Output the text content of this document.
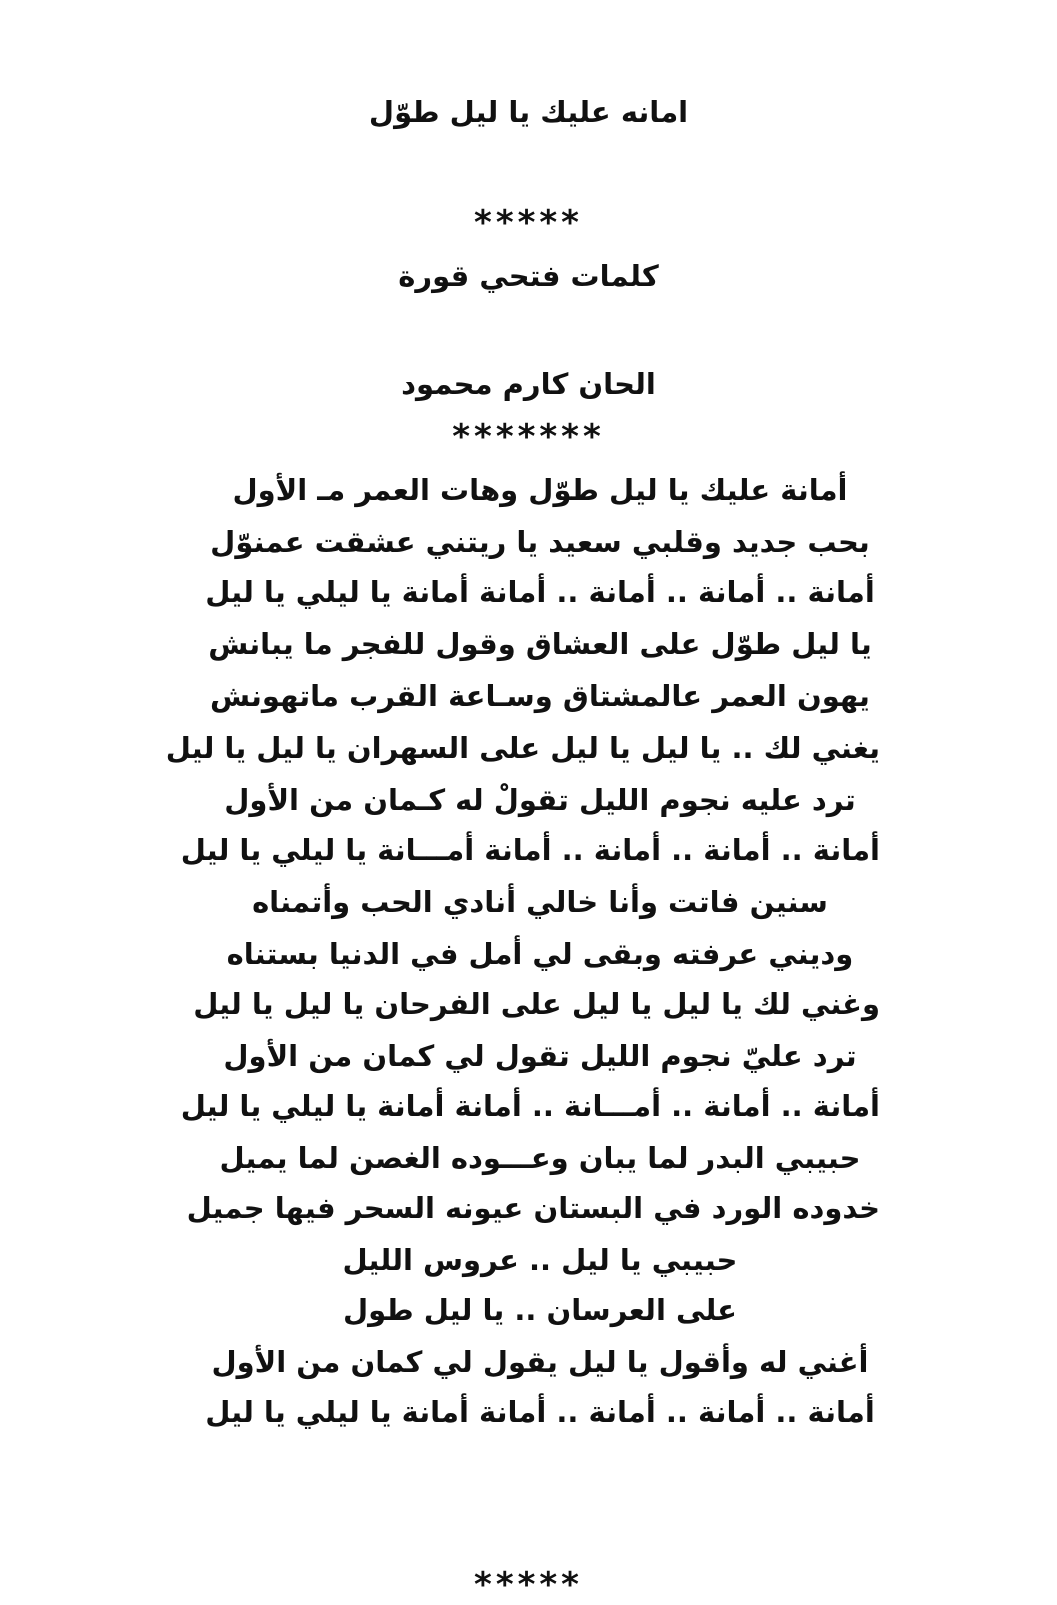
امانه عليك يا ليل طوّل
*****
كلمات فتحي قورة
الحان كارم محمود
*******
أمانة عليك يا ليل طوّل وهات العمر مـ الأول
بحب جديد وقلبي سعيد يا ريتني عشقت عمنوّل
أمانة .. أمانة .. أمانة .. أمانة أمانة يا ليلي يا ليل
يا ليل طوّل على العشاق وقول للفجر ما يبانش
يهون العمر عالمشتاق وسـاعة القرب ماتهونش
يغني لك .. يا ليل يا ليل على السهران يا ليل يا ليل
ترد عليه نجوم الليل تقولْ له كـمان من الأول
أمانة .. أمانة .. أمانة .. أمانة أمـــانة يا ليلي يا ليل
سنين فاتت وأنا خالي أنادي الحب وأتمناه
وديني عرفته وبقى لي أمل في الدنيا بستناه
وغني لك يا ليل يا ليل على الفرحان يا ليل يا ليل
ترد عليّ نجوم الليل تقول لي كمان من الأول
أمانة .. أمانة .. أمـــانة .. أمانة أمانة يا ليلي يا ليل
حبيبي البدر لما يبان وعـــوده الغصن لما يميل
خدوده الورد في البستان عيونه السحر فيها جميل
حبيبي يا ليل .. عروس الليل
على العرسان .. يا ليل طول
أغني له وأقول يا ليل يقول لي كمان من الأول
أمانة .. أمانة .. أمانة .. أمانة أمانة يا ليلي يا ليل
*****
